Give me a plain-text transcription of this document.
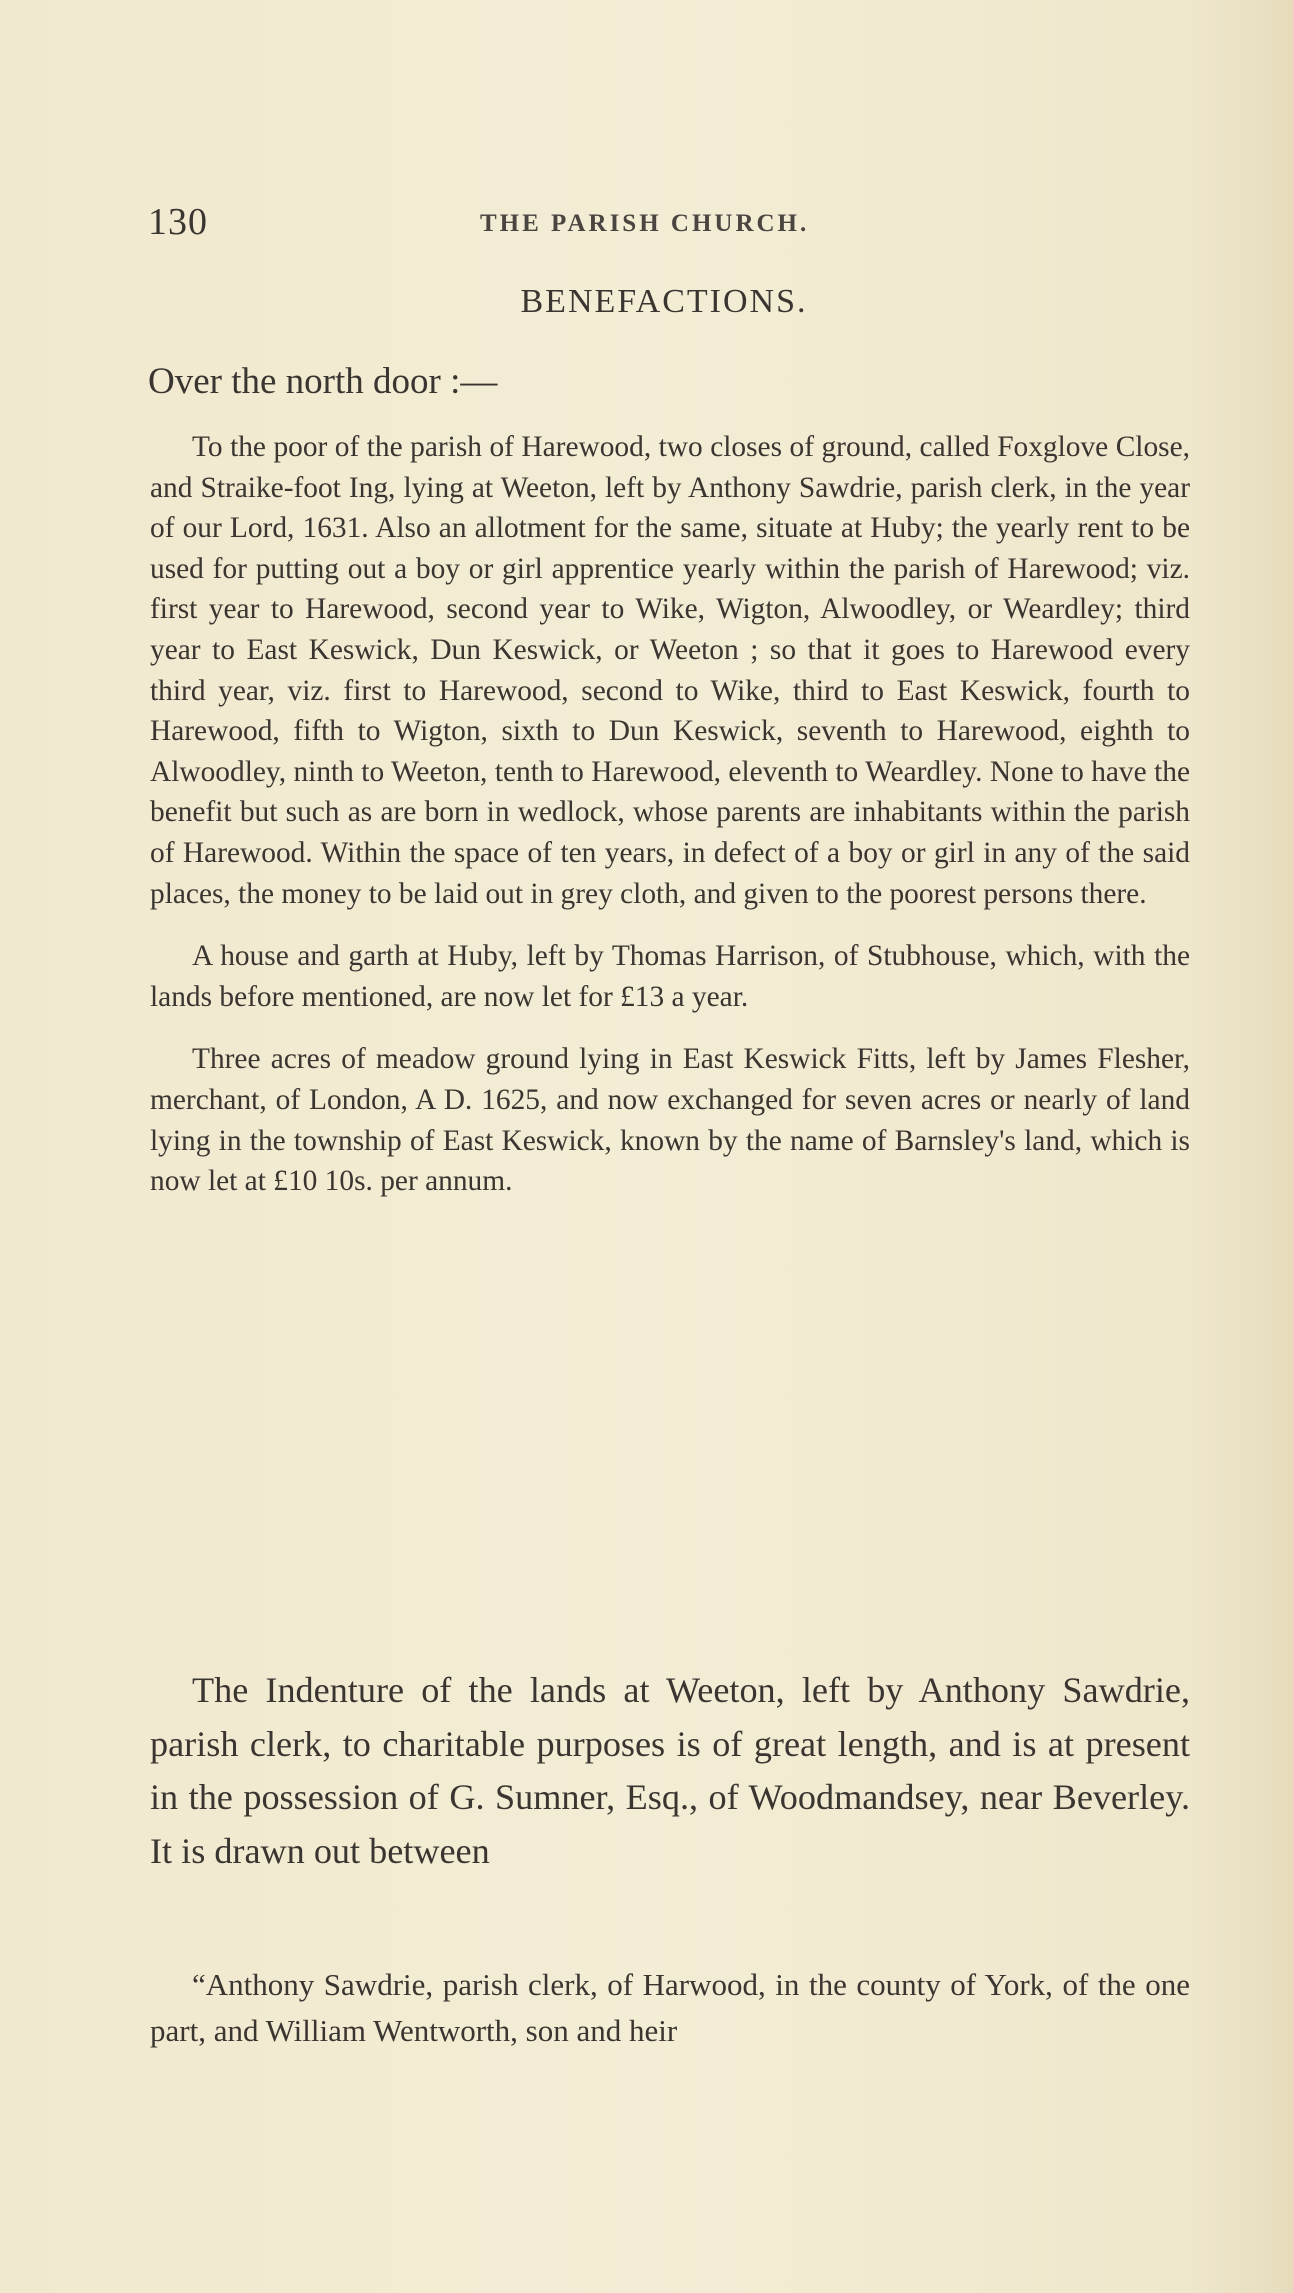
130	THE PARISH CHURCH.
BENEFACTIONS.
Over the north door :—

To the poor of the parish of Harewood, two closes of ground, called Foxglove Close, and Straike-foot Ing, lying at Weeton, left by Anthony Sawdrie, parish clerk, in the year of our Lord, 1631. Also an allotment for the same, situate at Huby; the yearly rent to be used for putting out a boy or girl apprentice yearly within the parish of Harewood; viz. first year to Harewood, second year to Wike, Wigton, Alwoodley, or Weardley; third year to East Keswick, Dun Keswick, or Weeton ; so that it goes to Harewood every third year, viz. first to Harewood, second to Wike, third to East Keswick, fourth to Harewood, fifth to Wigton, sixth to Dun Keswick, seventh to Harewood, eighth to Alwoodley, ninth to Weeton, tenth to Harewood, eleventh to Weardley. None to have the benefit but such as are born in wedlock, whose parents are inhabitants within the parish of Harewood. Within the space of ten years, in defect of a boy or girl in any of the said places, the money to be laid out in grey cloth, and given to the poorest persons there.

A house and garth at Huby, left by Thomas Harrison, of Stubhouse, which, with the lands before mentioned, are now let for £13 a year.

Three acres of meadow ground lying in East Keswick Fitts, left by James Flesher, merchant, of London, A D. 1625, and now exchanged for seven acres or nearly of land lying in the township of East Keswick, known by the name of Barnsley's land, which is now let at £10 10s. per annum.

The Indenture of the lands at Weeton, left by Anthony Sawdrie, parish clerk, to charitable purposes is of great length, and is at present in the possession of G. Sumner, Esq., of Woodmandsey, near Beverley. It is drawn out between

“Anthony Sawdrie, parish clerk, of Harwood, in the county of York, of the one part, and William Wentworth, son and heir
